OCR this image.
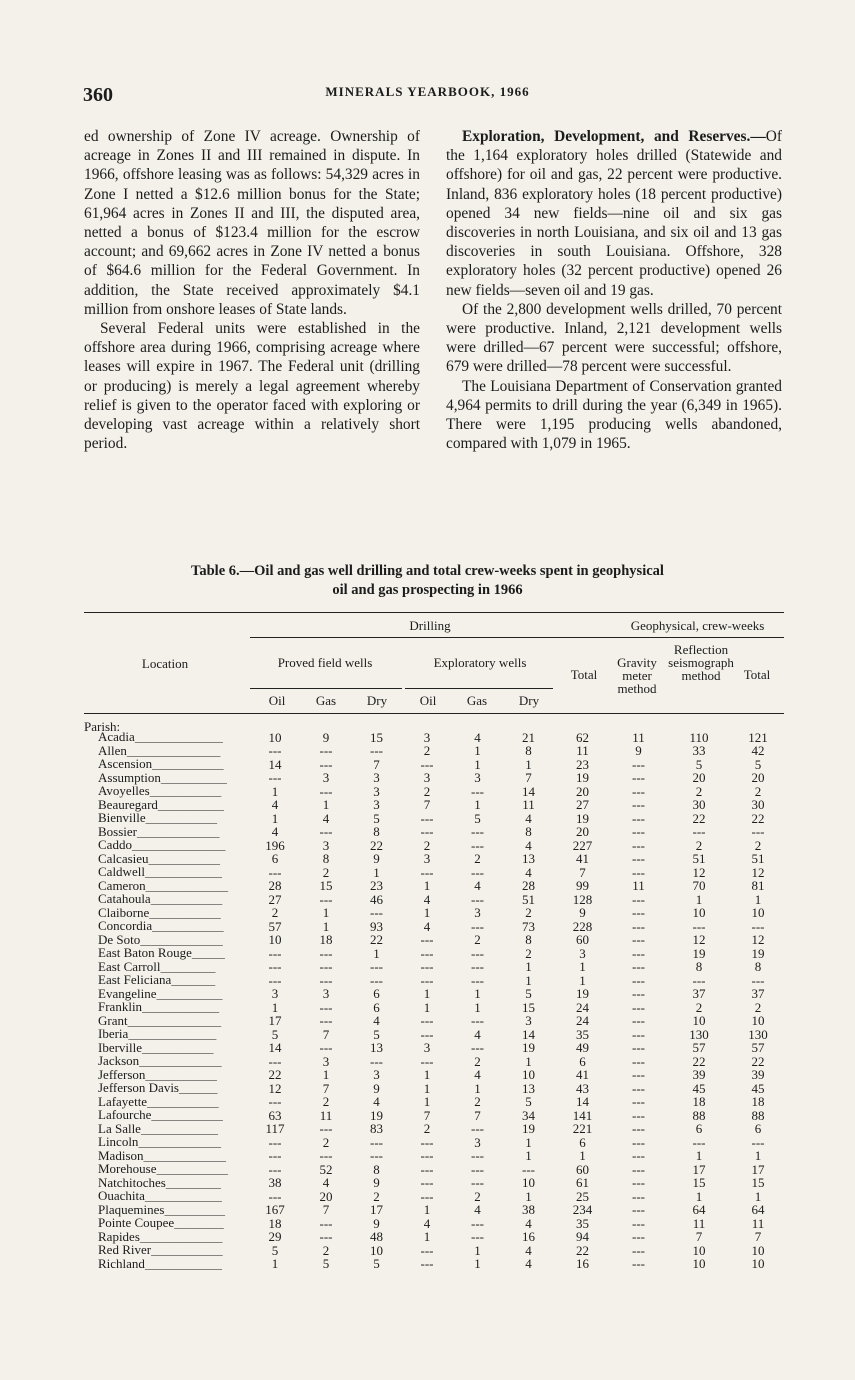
360	MINERALS YEARBOOK, 1966

ed ownership of Zone IV acreage. Ownership of acreage in Zones II and III remained in dispute. In 1966, offshore leasing was as follows: 54,329 acres in Zone I netted a $12.6 million bonus for the State; 61,964 acres in Zones II and III, the disputed area, netted a bonus of $123.4 million for the escrow account; and 69,662 acres in Zone IV netted a bonus of $64.6 million for the Federal Government. In addition, the State received approximately $4.1 million from onshore leases of State lands.

Several Federal units were established in the offshore area during 1966, comprising acreage where leases will expire in 1967. The Federal unit (drilling or producing) is merely a legal agreement whereby relief is given to the operator faced with exploring or developing vast acreage within a relatively short period.

Exploration, Development, and Reserves.—Of the 1,164 exploratory holes drilled (Statewide and offshore) for oil and gas, 22 percent were productive. Inland, 836 exploratory holes (18 percent productive) opened 34 new fields—nine oil and six gas discoveries in north Louisiana, and six oil and 13 gas discoveries in south Louisiana. Offshore, 328 exploratory holes (32 percent productive) opened 26 new fields—seven oil and 19 gas.

Of the 2,800 development wells drilled, 70 percent were productive. Inland, 2,121 development wells were drilled—67 percent were successful; offshore, 679 were drilled—78 percent were successful.

The Louisiana Department of Conservation granted 4,964 permits to drill during the year (6,349 in 1965). There were 1,195 producing wells abandoned, compared with 1,079 in 1965.

Table 6.—Oil and gas well drilling and total crew-weeks spent in geophysical
oil and gas prospecting in 1966
Drilling	Geophysical, crew-weeks
Location	Proved field wells	Exploratory wells
Total
Gravity meter method
Reflection seismograph method	Total
Oil	Gas	Dry	Oil	Gas	Dry
Parish:
Acadia________________	10	9	15	3	4	21	62	11	110	121
Allen_________________	---	---	---	2	1	8	11	9	33	42
Ascension_____________	14	---	7	---	1	1	23	---	5	5
Assumption____________	---	3	3	3	3	7	19	---	20	20
Avoyelles_____________	1	---	3	2	---	14	20	---	2	2
Beauregard____________	4	1	3	7	1	11	27	---	30	30
Bienville_____________	1	4	5	---	5	4	19	---	22	22
Bossier_______________	4	---	8	---	---	8	20	---	---	---
Caddo_________________	196	3	22	2	---	4	227	---	2	2
Calcasieu_____________	6	8	9	3	2	13	41	---	51	51
Caldwell______________	---	2	1	---	---	4	7	---	12	12
Cameron_______________	28	15	23	1	4	28	99	11	70	81
Catahoula_____________	27	---	46	4	---	51	128	---	1	1
Claiborne_____________	2	1	---	1	3	2	9	---	10	10
Concordia_____________	57	1	93	4	---	73	228	---	---	---
De Soto_______________	10	18	22	---	2	8	60	---	12	12
East Baton Rouge______	---	---	1	---	---	2	3	---	19	19
East Carroll__________	---	---	---	---	---	1	1	---	8	8
East Feliciana________	---	---	---	---	---	1	1	---	---	---
Evangeline____________	3	3	6	1	1	5	19	---	37	37
Franklin______________	1	---	6	1	1	15	24	---	2	2
Grant_________________	17	---	4	---	---	3	24	---	10	10
Iberia________________	5	7	5	---	4	14	35	---	130	130
Iberville_____________	14	---	13	3	---	19	49	---	57	57
Jackson_______________	---	3	---	---	2	1	6	---	22	22
Jefferson_____________	22	1	3	1	4	10	41	---	39	39
Jefferson Davis_______	12	7	9	1	1	13	43	---	45	45
Lafayette_____________	---	2	4	1	2	5	14	---	18	18
Lafourche_____________	63	11	19	7	7	34	141	---	88	88
La Salle______________	117	---	83	2	---	19	221	---	6	6
Lincoln_______________	---	2	---	---	3	1	6	---	---	---
Madison_______________	---	---	---	---	---	1	1	---	1	1
Morehouse_____________	---	52	8	---	---	---	60	---	17	17
Natchitoches__________	38	4	9	---	---	10	61	---	15	15
Ouachita______________	---	20	2	---	2	1	25	---	1	1
Plaquemines___________	167	7	17	1	4	38	234	---	64	64
Pointe Coupee_________	18	---	9	4	---	4	35	---	11	11
Rapides_______________	29	---	48	1	---	16	94	---	7	7
Red River_____________	5	2	10	---	1	4	22	---	10	10
Richland______________	1	5	5	---	1	4	16	---	10	10
